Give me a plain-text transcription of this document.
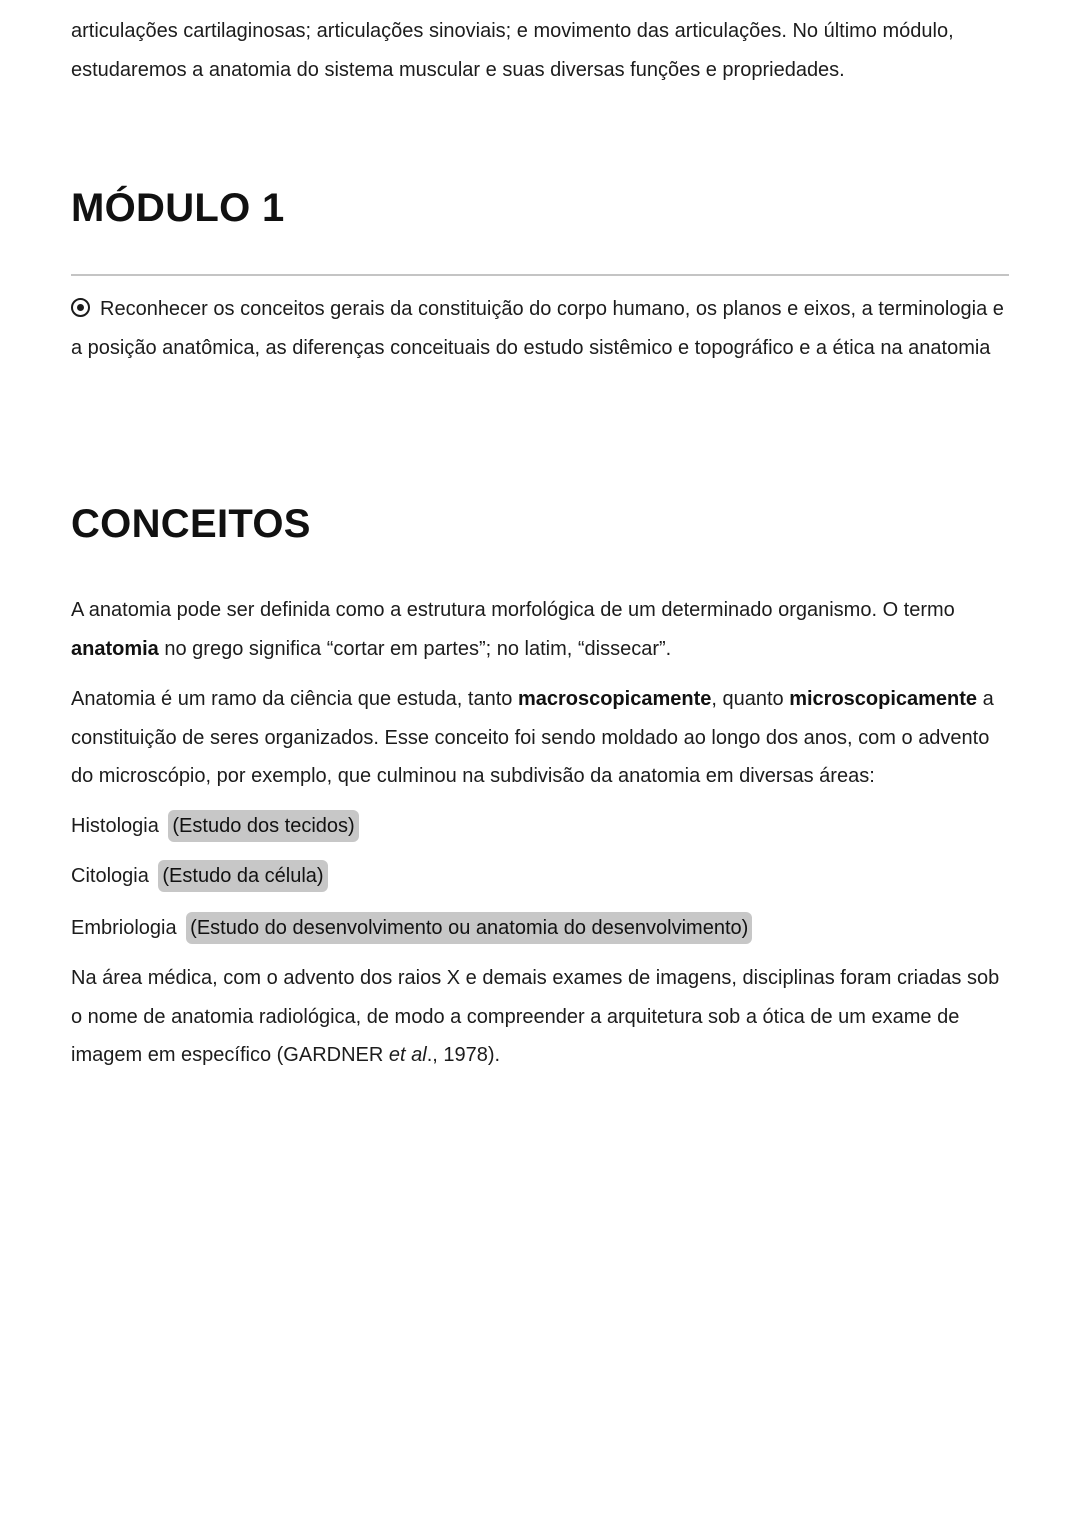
articulações cartilaginosas; articulações sinoviais; e movimento das articulações. No último módulo,

estudaremos a anatomia do sistema muscular e suas diversas funções e propriedades.

MÓDULO 1

Reconhecer os conceitos gerais da constituição do corpo humano, os planos e eixos, a terminologia e a posição anatômica, as diferenças conceituais do estudo sistêmico e topográfico e a ética na anatomia

CONCEITOS

A anatomia pode ser definida como a estrutura morfológica de um determinado organismo. O termo anatomia no grego significa “cortar em partes”; no latim, “dissecar”.

Anatomia é um ramo da ciência que estuda, tanto macroscopicamente, quanto microscopicamente a constituição de seres organizados. Esse conceito foi sendo moldado ao longo dos anos, com o advento do microscópio, por exemplo, que culminou na subdivisão da anatomia em diversas áreas:

Histologia (Estudo dos tecidos)
Citologia (Estudo da célula)
Embriologia (Estudo do desenvolvimento ou anatomia do desenvolvimento)

Na área médica, com o advento dos raios X e demais exames de imagens, disciplinas foram criadas sob o nome de anatomia radiológica, de modo a compreender a arquitetura sob a ótica de um exame de imagem em específico (GARDNER et al., 1978).
